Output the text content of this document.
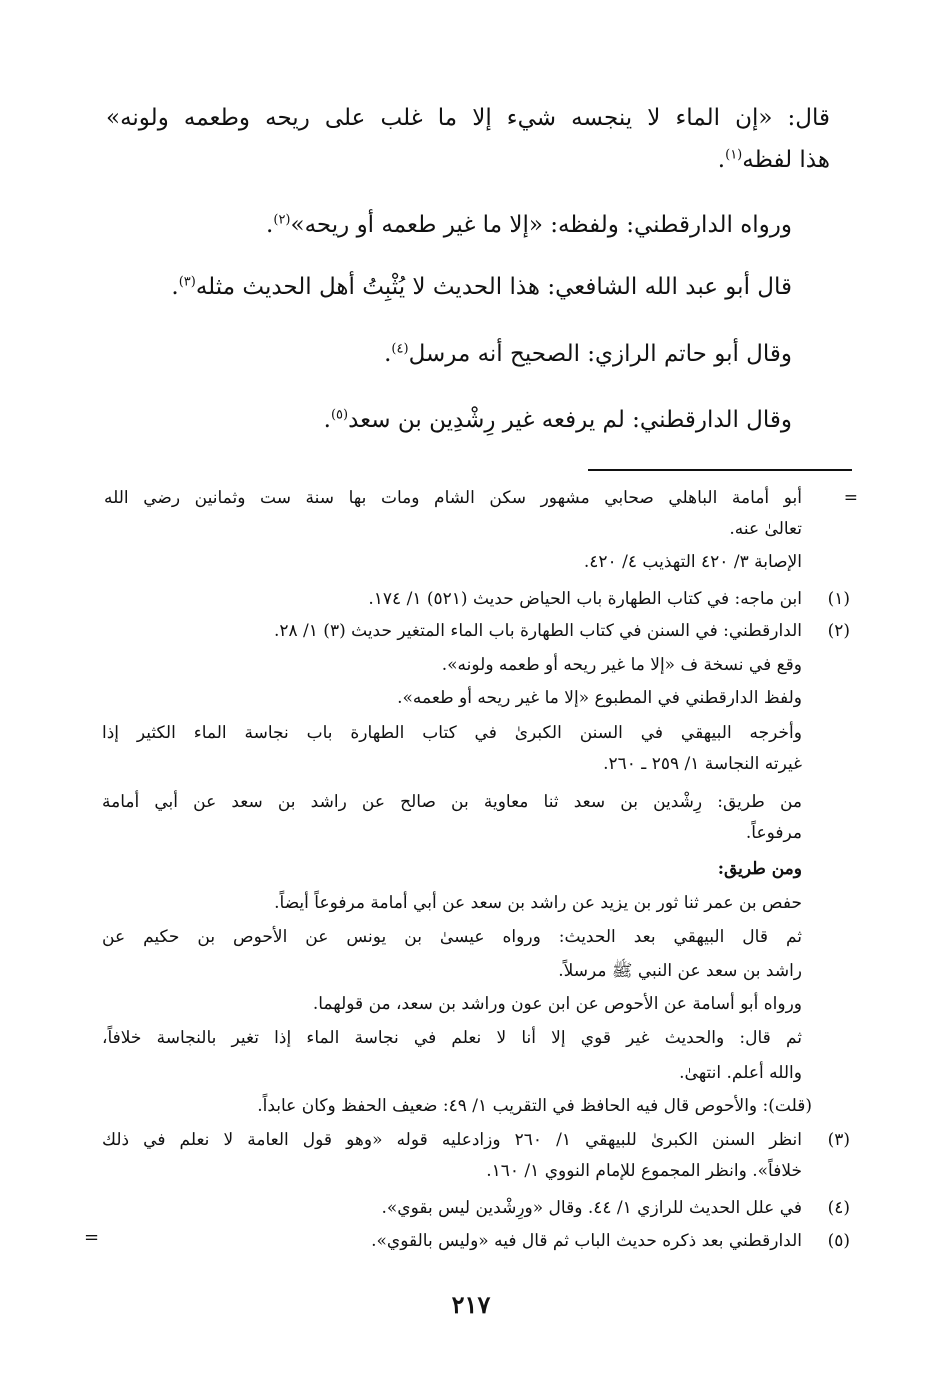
قال: «إن الماء لا ينجسه شيء إلا ما غلب على ريحه وطعمه ولونه»
هذا لفظه$^{(١)}$.
ورواه الدارقطني: ولفظه: «إلا ما غير طعمه أو ريحه»$^{(٢)}$.
قال أبو عبد الله الشافعي: هذا الحديث لا يُثْبِتُ أهل الحديث مثله$^{(٣)}$.
وقال أبو حاتم الرازي: الصحيح أنه مرسل$^{(٤)}$.
وقال الدارقطني: لم يرفعه غير رِشْدِين بن سعد$^{(٥)}$.
=
أبو أمامة الباهلي صحابي مشهور سكن الشام ومات بها سنة ست وثمانين رضي الله
تعالىٰ عنه.
الإصابة ٣/ ٤٢٠ التهذيب ٤/ ٤٢٠.
(١)
ابن ماجه: في كتاب الطهارة باب الحياض حديث (٥٢١) ١/ ١٧٤.
(٢)
الدارقطني: في السنن في كتاب الطهارة باب الماء المتغير حديث (٣) ١/ ٢٨.
وقع في نسخة ف «إلا ما غير ريحه أو طعمه ولونه».
ولفظ الدارقطني في المطبوع «إلا ما غير ريحه أو طعمه».
وأخرجه البيهقي في السنن الكبرىٰ في كتاب الطهارة باب نجاسة الماء الكثير إذا
غيرته النجاسة ١/ ٢٥٩ ـ ٢٦٠.
من طريق: رِشْدين بن سعد ثنا معاوية بن صالح عن راشد بن سعد عن أبي أمامة
مرفوعاً.
ومن طريق:
حفص بن عمر ثنا ثور بن يزيد عن راشد بن سعد عن أبي أمامة مرفوعاً أيضاً.
ثم قال البيهقي بعد الحديث: ورواه عيسىٰ بن يونس عن الأحوص بن حكيم عن
راشد بن سعد عن النبي ﷺ مرسلاً.
ورواه أبو أسامة عن الأحوص عن ابن عون وراشد بن سعد، من قولهما.
ثم قال: والحديث غير قوي إلا أنا لا نعلم في نجاسة الماء إذا تغير بالنجاسة خلافاً،
والله أعلم. انتهىٰ.
(قلت): والأحوص قال فيه الحافظ في التقريب ١/ ٤٩: ضعيف الحفظ وكان عابداً.
(٣)
انظر السنن الكبرىٰ للبيهقي ١/ ٢٦٠ وزادعليه قوله «وهو قول العامة لا نعلم في ذلك
خلافاً». وانظر المجموع للإمام النووي ١/ ١٦٠.
(٤)
في علل الحديث للرازي ١/ ٤٤. وقال «ورِشْدين ليس بقوي».
(٥)
الدارقطني بعد ذكره حديث الباب ثم قال فيه «وليس بالقوي».
=
٢١٧
